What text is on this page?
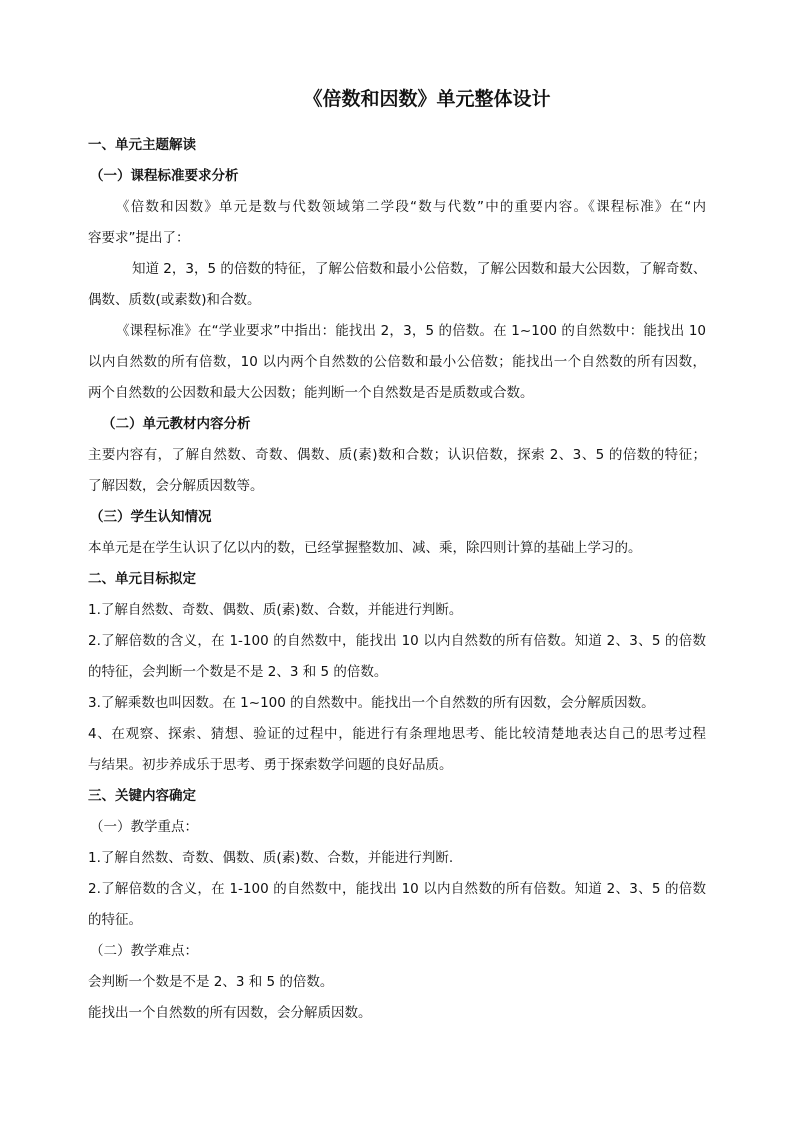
《倍数和因数》单元整体设计

一、单元主题解读

（一）课程标准要求分析

《倍数和因数》单元是数与代数领域第二学段“数与代数”中的重要内容。《课程标准》在“内

容要求”提出了：

知道 2，3，5 的倍数的特征，了解公倍数和最小公倍数，了解公因数和最大公因数，了解奇数、

偶数、质数(或素数)和合数。

《课程标准》在“学业要求”中指出：能找出 2，3，5 的倍数。在 1~100 的自然数中：能找出 10

以内自然数的所有倍数，10 以内两个自然数的公倍数和最小公倍数；能找出一个自然数的所有因数，

两个自然数的公因数和最大公因数；能判断一个自然数是否是质数或合数。

（二）单元教材内容分析

主要内容有，了解自然数、奇数、偶数、质(素)数和合数；认识倍数，探索 2、3、5 的倍数的特征；

了解因数，会分解质因数等。

（三）学生认知情况

本单元是在学生认识了亿以内的数，已经掌握整数加、减、乘，除四则计算的基础上学习的。

二、单元目标拟定

1.了解自然数、奇数、偶数、质(素)数、合数，并能进行判断。

2.了解倍数的含义，在 1-100 的自然数中，能找出 10 以内自然数的所有倍数。知道 2、3、5 的倍数

的特征，会判断一个数是不是 2、3 和 5 的倍数。

3.了解乘数也叫因数。在 1~100 的自然数中。能找出一个自然数的所有因数，会分解质因数。

4、在观察、探索、猜想、验证的过程中，能进行有条理地思考、能比较清楚地表达自己的思考过程

与结果。初步养成乐于思考、勇于探索数学问题的良好品质。

三、关键内容确定

（一）教学重点：

1.了解自然数、奇数、偶数、质(素)数、合数，并能进行判断.

2.了解倍数的含义，在 1-100 的自然数中，能找出 10 以内自然数的所有倍数。知道 2、3、5 的倍数

的特征。

（二）教学难点：

会判断一个数是不是 2、3 和 5 的倍数。

能找出一个自然数的所有因数，会分解质因数。
